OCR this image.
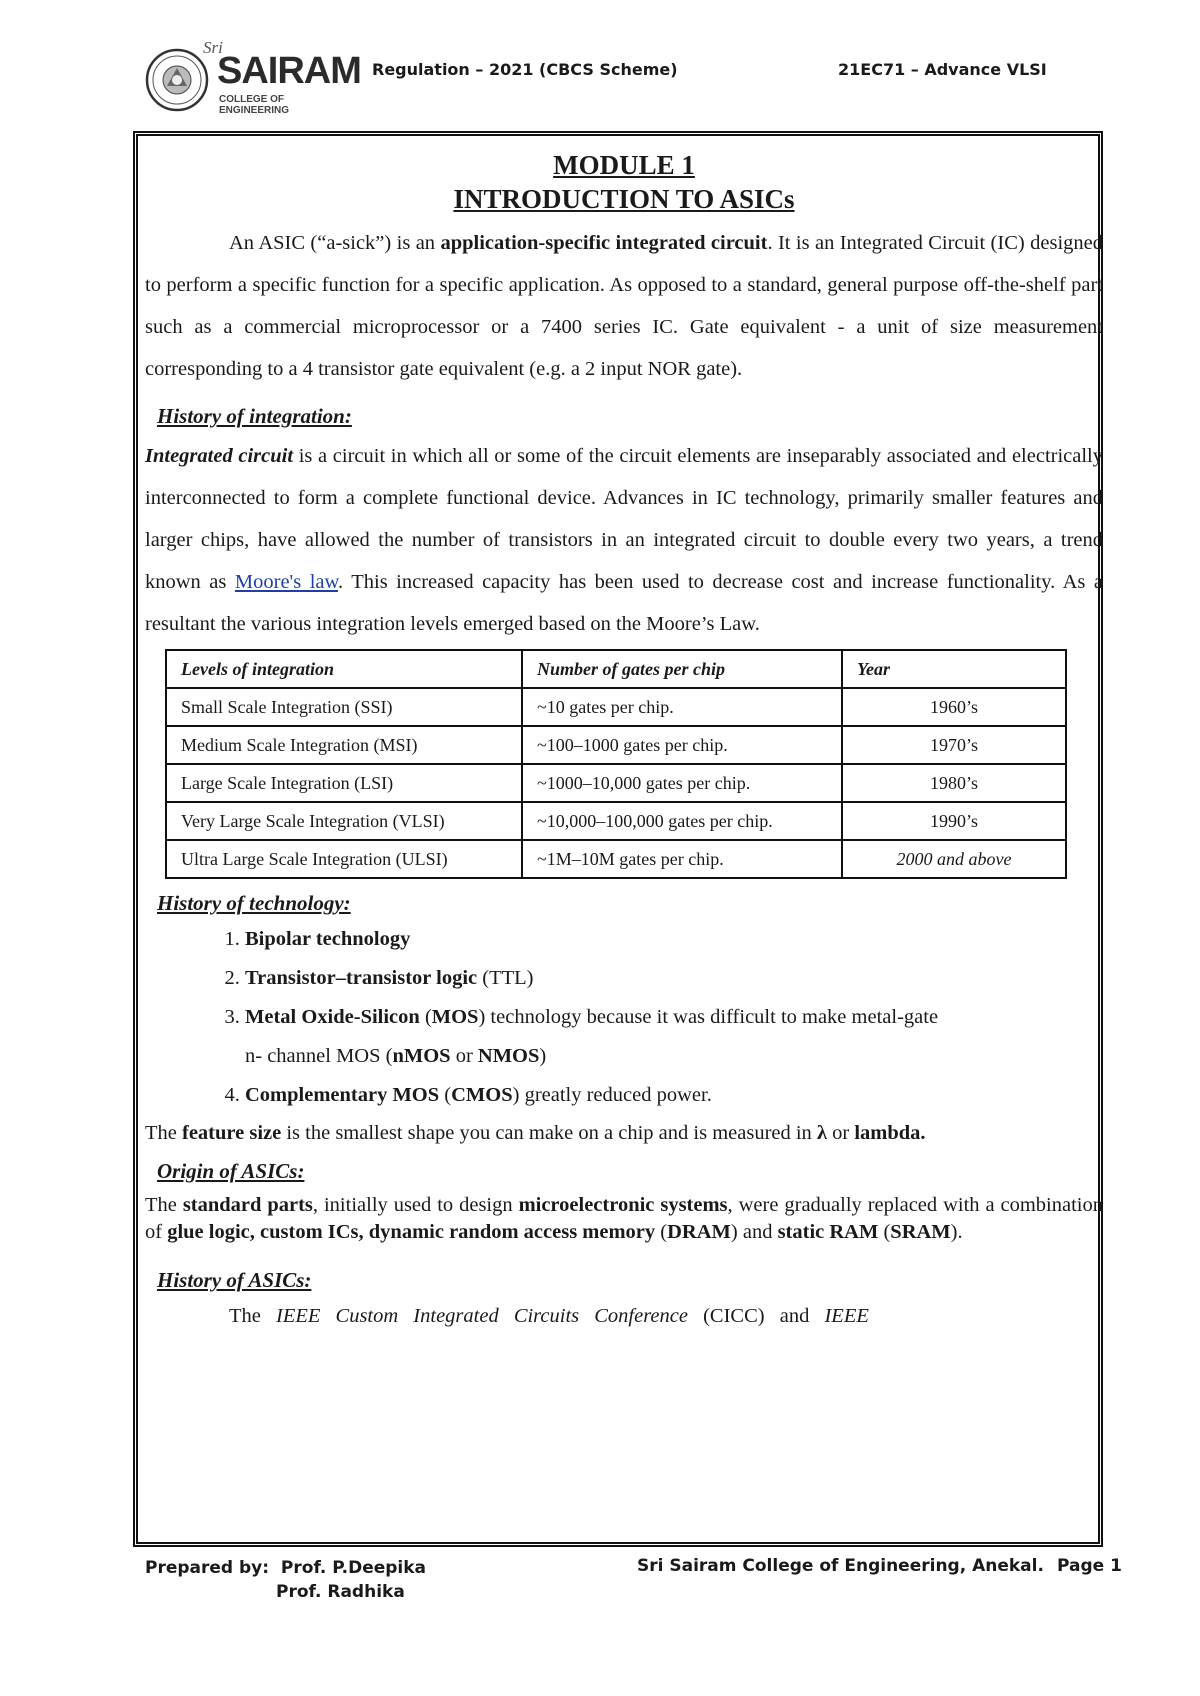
Sri
SAIRAM
COLLEGE OF ENGINEERING
Regulation – 2021 (CBCS Scheme)	21EC71 – Advance VLSI
MODULE 1
INTRODUCTION TO ASICs

An ASIC (“a-sick”) is an application-specific integrated circuit. It is an Integrated Circuit (IC) designed to perform a specific function for a specific application. As opposed to a standard, general purpose off-the-shelf part such as a commercial microprocessor or a 7400 series IC. Gate equivalent - a unit of size measurement corresponding to a 4 transistor gate equivalent (e.g. a 2 input NOR gate).

History of integration:

Integrated circuit is a circuit in which all or some of the circuit elements are inseparably associated and electrically interconnected to form a complete functional device. Advances in IC technology, primarily smaller features and larger chips, have allowed the number of transistors in an integrated circuit to double every two years, a trend known as Moore's law. This increased capacity has been used to decrease cost and increase functionality. As a resultant the various integration levels emerged based on the Moore’s Law.

Levels of integration	Number of gates per chip	Year
Small Scale Integration (SSI)	~10 gates per chip.	1960’s
Medium Scale Integration (MSI)	~100–1000 gates per chip.	1970’s
Large Scale Integration (LSI)	~1000–10,000 gates per chip.	1980’s
Very Large Scale Integration (VLSI)	~10,000–100,000 gates per chip.	1990’s
Ultra Large Scale Integration (ULSI)	~1M–10M gates per chip.	2000 and above

History of technology:

1. Bipolar technology
2. Transistor–transistor logic (TTL)
3. Metal Oxide-Silicon (MOS) technology because it was difficult to make metal-gate
n- channel MOS (nMOS or NMOS)
4. Complementary MOS (CMOS) greatly reduced power.

The feature size is the smallest shape you can make on a chip and is measured in λ or lambda.

Origin of ASICs:

The standard parts, initially used to design microelectronic systems, were gradually replaced with a combination of glue logic, custom ICs, dynamic random access memory (DRAM) and static RAM (SRAM).

History of ASICs:

The IEEE Custom Integrated Circuits Conference (CICC) and IEEE

Prepared by: Prof. P.Deepika
Prof. Radhika
Sri Sairam College of Engineering, Anekal. Page 1
